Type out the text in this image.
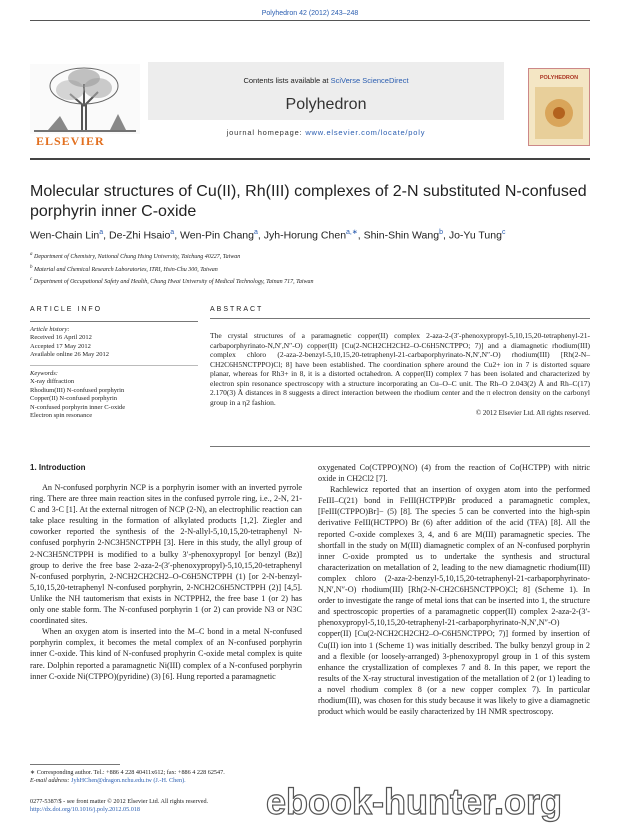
Polyhedron 42 (2012) 243–248
ELSEVIER
Contents lists available at SciVerse ScienceDirect
Polyhedron
journal homepage: www.elsevier.com/locate/poly
POLYHEDRON
Molecular structures of Cu(II), Rh(III) complexes of 2-N substituted N-confused porphyrin inner C-oxide
Wen-Chain Lin$^a$, De-Zhi Hsaio$^a$, Wen-Pin Chang$^a$, Jyh-Horung Chen$^{a,∗}$, Shin-Shin Wang$^b$, Jo-Yu Tung$^c$
$^a$ Department of Chemistry, National Chung Hsing University, Taichung 40227, Taiwan
$^b$ Material and Chemical Research Laboratories, ITRI, Hsin-Chu 300, Taiwan
$^c$ Department of Occupational Safety and Health, Chung Hwai University of Medical Technology, Tainan 717, Taiwan
ARTICLE INFO
Article history:
Received 16 April 2012
Accepted 17 May 2012
Available online 26 May 2012
Keywords:
X-ray diffraction
Rhodium(III) N-confused porphyrin
Copper(II) N-confused porphyrin
N-confused porphyrin inner C-oxide
Electron spin resonance
ABSTRACT
The crystal structures of a paramagnetic copper(II) complex 2-aza-2-(3′-phenoxypropyl-5,10,15,20-tetraphenyl-21-carbaporphyrinato-N,N′,N″-O) copper(II) [Cu(2-NCH2CH2CH2–O-C6H5NCTPPO; 7)] and a diamagnetic rhodium(III) complex chloro (2-aza-2-benzyl-5,10,15,20-tetraphenyl-21-carbaporphyrinato-N,N′,N″-O) rhodium(III) [Rh(2-N–CH2C6H5NCTPPO)Cl; 8] have been established. The coordination sphere around the Cu2+ ion in 7 is distorted square planar, whereas for Rh3+ in 8, it is a distorted octahedron. A copper(II) complex 7 has been isolated and characterized by electron spin resonance spectroscopy with a structure incorporating an Cu–O–C unit. The Rh–O 2.043(2) Å and Rh–C(17) 2.170(3) Å distances in 8 suggests a direct interaction between the rhodium center and the π electron density on the carbonyl group in a η2 fashion.
© 2012 Elsevier Ltd. All rights reserved.
1. Introduction

An N-confused porphyrin NCP is a porphyrin isomer with an inverted pyrrole ring. There are three main reaction sites in the confused pyrrole ring, i.e., 2-N, 21-C and 3-C [1]. At the external nitrogen of NCP (2-N), an electrophilic reaction can take place resulting in the formation of alkylated products [1,2]. Ziegler and coworker reported the synthesis of the 2-N-allyl-5,10,15,20-tetraphenyl N-confused porphyrin 2-NC3H5NCTPPH [3]. Here in this study, the allyl group of 2-NC3H5NCTPPH is modified to a bulky 3′-phenoxypropyl [or benzyl (Bz)] group to derive the free base 2-aza-2-(3′-phenoxypropyl)-5,10,15,20-tetraphenyl N-confused porphyrin, 2-NCH2CH2CH2–O-C6H5NCTPPH (1) [or 2-N-benzyl-5,10,15,20-tetraphenyl N-confused porphyrin, 2-NCH2C6H5NCTPPH (2)] [4,5]. Unlike the NH tautomerism that exists in NCTPPH2, the free base 1 (or 2) has only one stable form. The N-confused porphyrin 1 (or 2) can provide N3 or N3C coordinated sites.

When an oxygen atom is inserted into the M–C bond in a metal N-confused porphyrin complex, it becomes the metal complex of an N-confused porphyrin inner C-oxide. This kind of N-confused prophyrin C-oxide metal complex is quite rare. Dolphin reported a paramagnetic Ni(III) complex of a N-confused porphyrin inner C-oxide Ni(CTPPO)(pyridine) (3) [6]. Hung reported a paramagnetic

oxygenated Co(CTPPO)(NO) (4) from the reaction of Co(HCTPP) with nitric oxide in CH2Cl2 [7].

Rachlewicz reported that an insertion of oxygen atom into the performed FeIII–C(21) bond in FeIII(HCTPP)Br produced a paramagnetic complex, [FeIII(CTPPO)Br]− (5) [8]. The species 5 can be converted into the high-spin derivative FeIII(HCTPPO) Br (6) after addition of the acid (TFA) [8]. All the reported C-oxide complexes 3, 4, and 6 are M(III) paramagnetic species. The shortfall in the study on M(III) diamagnetic complex of an N-confused porphyrin inner C-oxide prompted us to undertake the synthesis and structural characterization on metallation of 2, leading to the new diamagnetic rhodium(III) complex chloro (2-aza-2-benzyl-5,10,15,20-tetraphenyl-21-carbaporphyrinato-N,N′,N″-O) rhodium(III) [Rh(2-N-CH2C6H5NCTPPO)Cl; 8] (Scheme 1). In order to investigate the range of metal ions that can be inserted into 1, the structure and spectroscopic properties of a paramagnetic copper(II) complex 2-aza-2-(3′-phenoxypropyl-5,10,15,20-tetraphenyl-21-carbaporphyrinato-N,N′,N″-O) copper(II) [Cu(2-NCH2CH2CH2–O-C6H5NCTPPO; 7)] formed by insertion of Cu(II) ion into 1 (Scheme 1) was initially described. The bulky benzyl group in 2 and a flexible (or loosely-arranged) 3-phenoxypropyl group in 1 of this system enhance the crystallization of complexes 7 and 8. In this paper, we report the results of the X-ray structural investigation of the metallation of 2 (or 1) leading to a novel rhodium complex 8 (or a new copper complex 7). In particular rhodium(III), was chosen for this study because it was likely to give a diamagnetic product which would be easily characterized by 1H NMR spectroscopy.

∗ Corresponding author. Tel.: +886 4 228 40411x612; fax: +886 4 228 62547.
E-mail address: JyhHChen@dragon.nchu.edu.tw (J.-H. Chen).
0277-5387/$ - see front matter © 2012 Elsevier Ltd. All rights reserved.
http://dx.doi.org/10.1016/j.poly.2012.05.018	ebook-hunter.org
